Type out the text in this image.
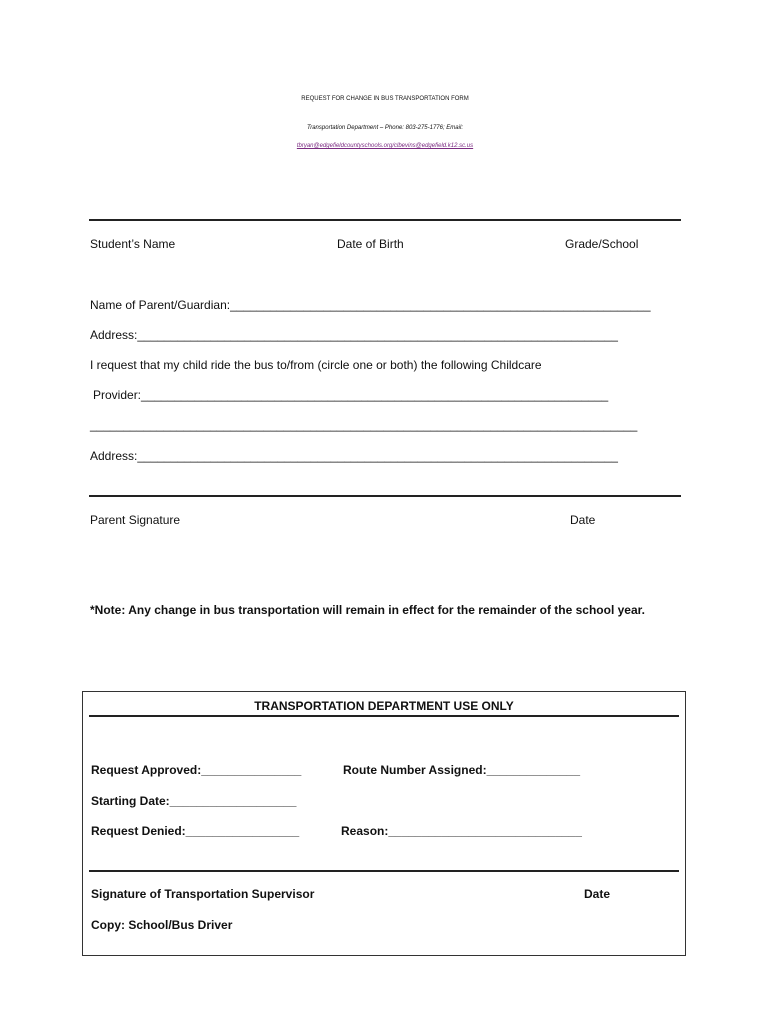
REQUEST FOR CHANGE IN BUS TRANSPORTATION FORM
Transportation Department – Phone: 803-275-1776; Email:
tbryan@edgefieldcountyschools.org/clbevins@edgefield.k12.sc.us
Student’s Name	Date of Birth	Grade/School
Name of Parent/Guardian:_______________________________________________________________
Address:________________________________________________________________________
I request that my child ride the bus to/from (circle one or both) the following Childcare
Provider:______________________________________________________________________
__________________________________________________________________________________
Address:________________________________________________________________________
Parent Signature	Date
*Note: Any change in bus transportation will remain in effect for the remainder of the school year.
TRANSPORTATION DEPARTMENT USE ONLY
Request Approved:_______________	Route Number Assigned:______________
Starting Date:___________________
Request Denied:_________________	Reason:_____________________________
Signature of Transportation Supervisor	Date
Copy: School/Bus Driver
